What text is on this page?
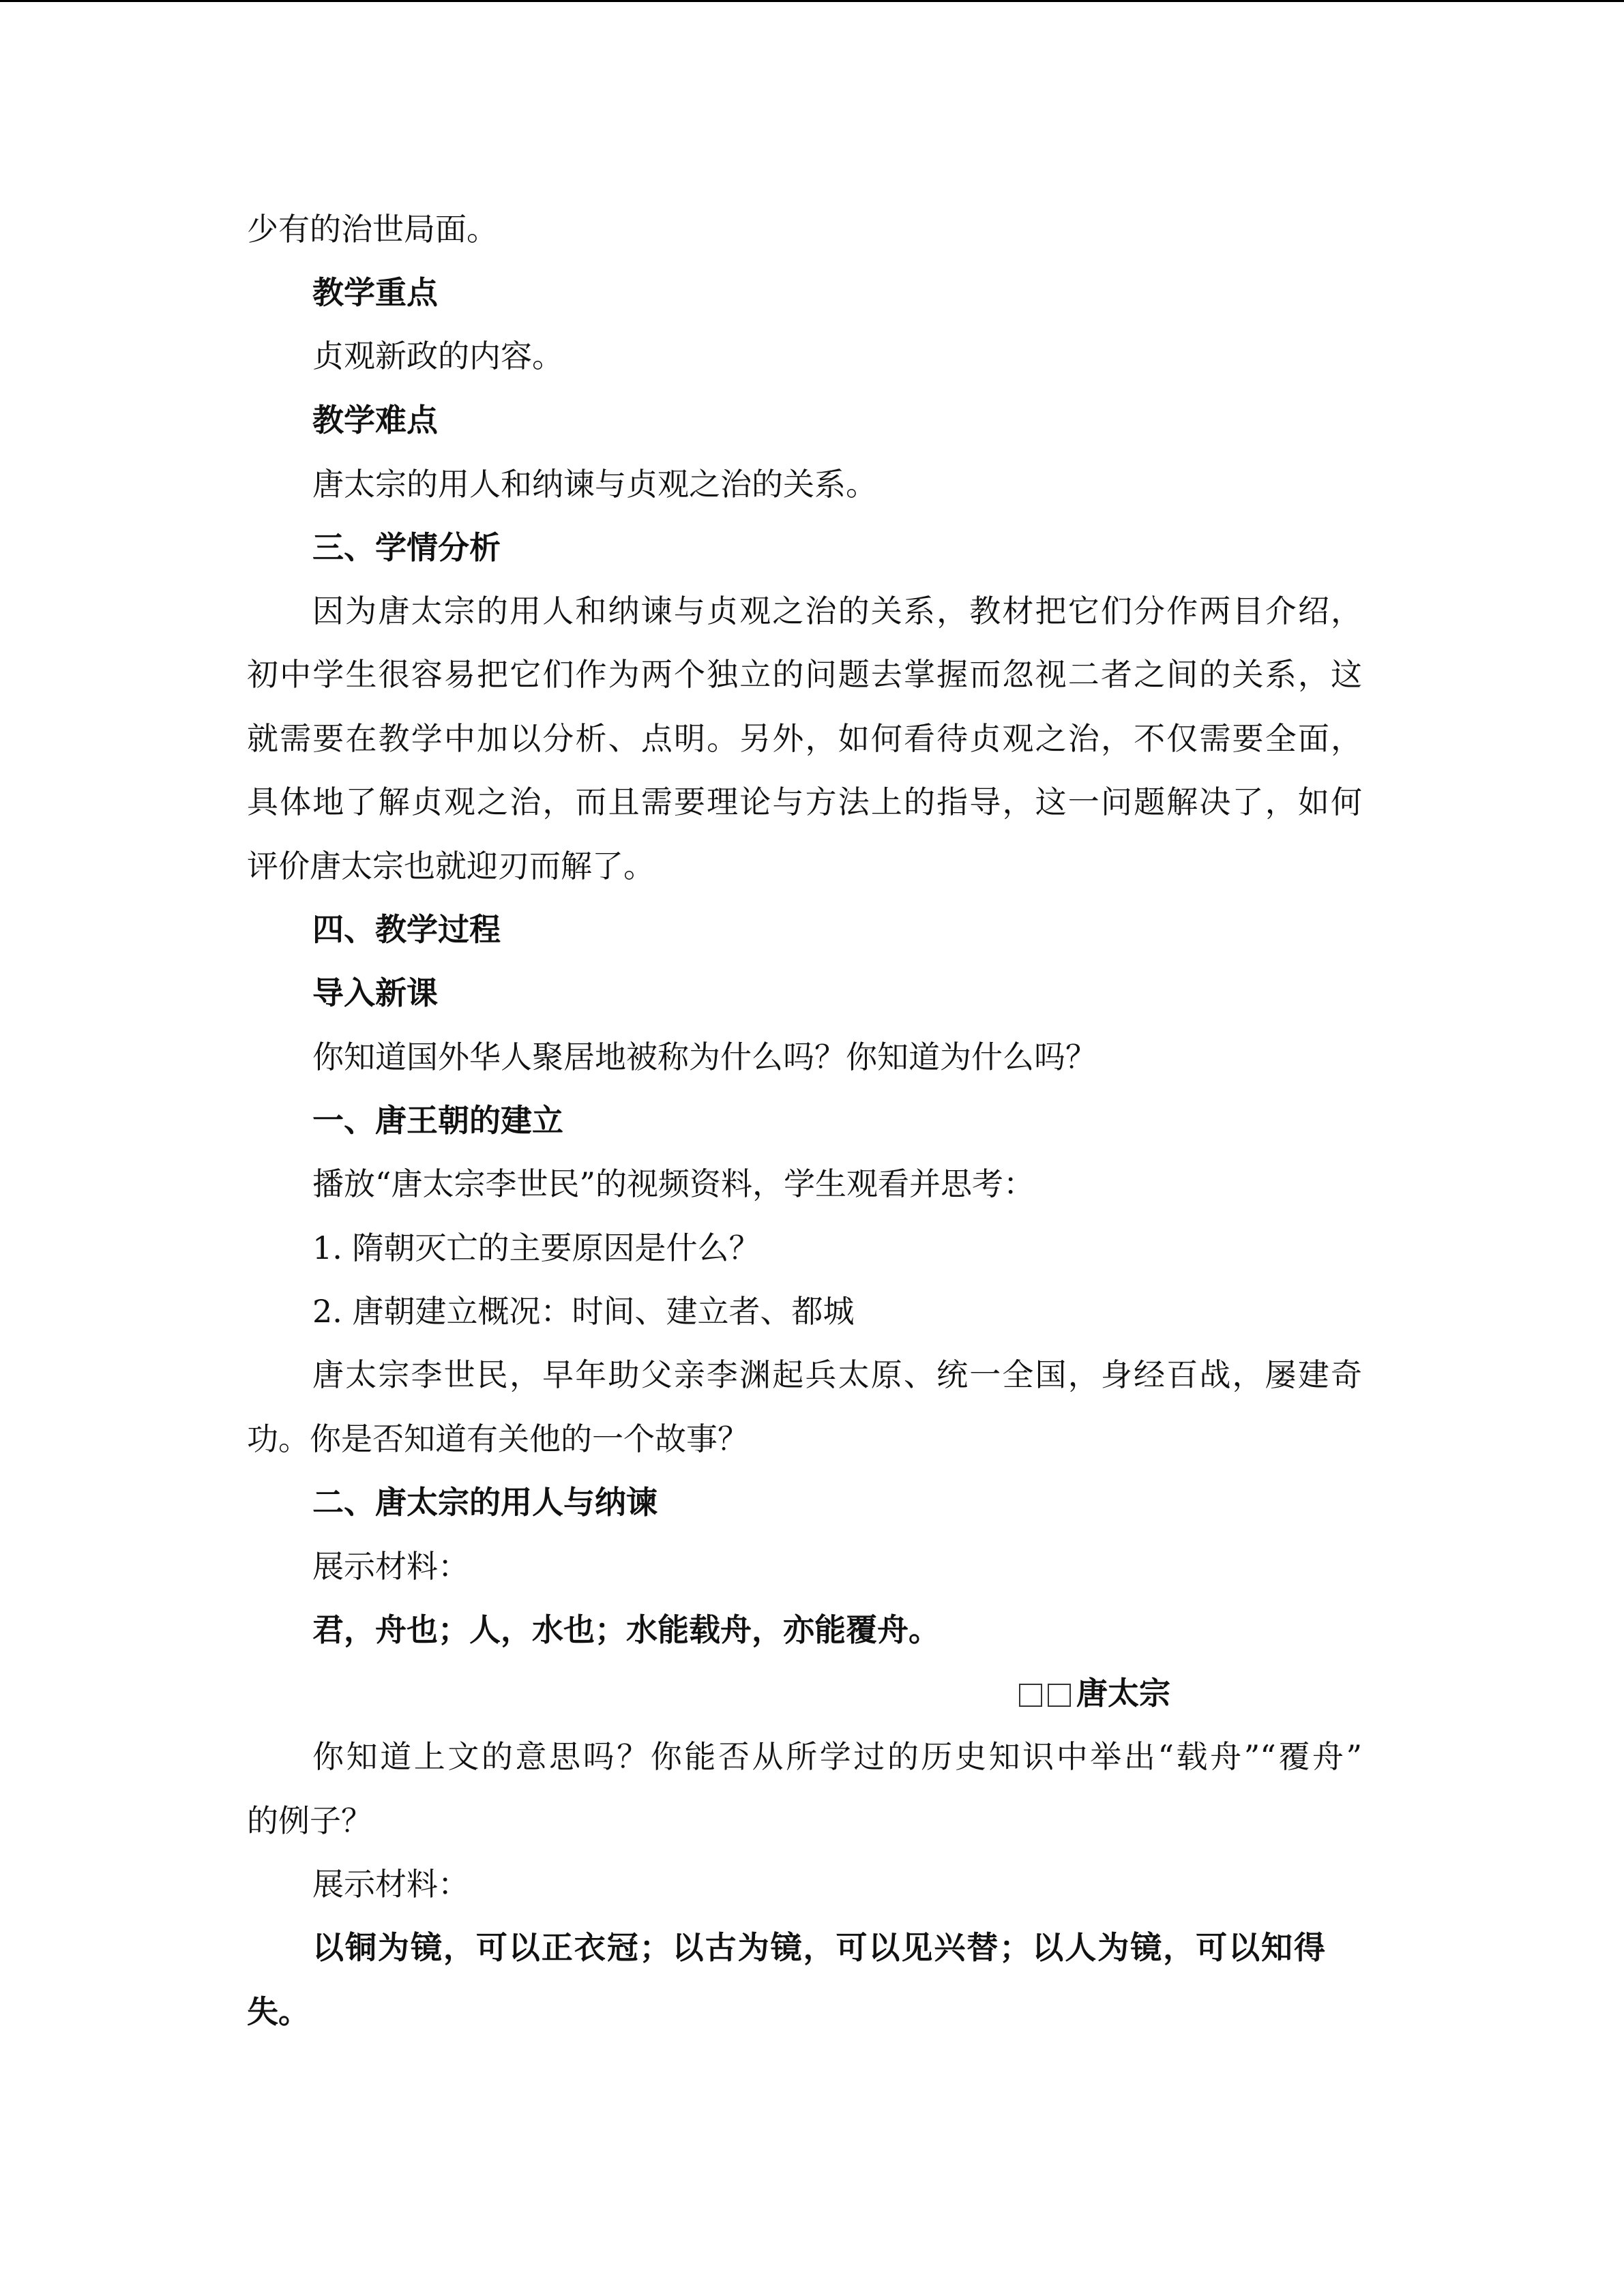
少有的治世局面。

教学重点

贞观新政的内容。

教学难点

唐太宗的用人和纳谏与贞观之治的关系。

三、学情分析

因为唐太宗的用人和纳谏与贞观之治的关系，教材把它们分作两目介绍，

初中学生很容易把它们作为两个独立的问题去掌握而忽视二者之间的关系，这

就需要在教学中加以分析、点明。另外，如何看待贞观之治，不仅需要全面，

具体地了解贞观之治，而且需要理论与方法上的指导，这一问题解决了，如何

评价唐太宗也就迎刃而解了。

四、教学过程

导入新课

你知道国外华人聚居地被称为什么吗？你知道为什么吗？

一、唐王朝的建立

播放“唐太宗李世民”的视频资料，学生观看并思考：

1. 隋朝灭亡的主要原因是什么？

2. 唐朝建立概况：时间、建立者、都城

唐太宗李世民，早年助父亲李渊起兵太原、统一全国，身经百战，屡建奇

功。你是否知道有关他的一个故事？

二、唐太宗的用人与纳谏

展示材料：

君，舟也；人，水也；水能载舟，亦能覆舟。

唐太宗

你知道上文的意思吗？你能否从所学过的历史知识中举出“载舟”“覆舟”

的例子？

展示材料：

以铜为镜，可以正衣冠；以古为镜，可以见兴替；以人为镜，可以知得

失。
